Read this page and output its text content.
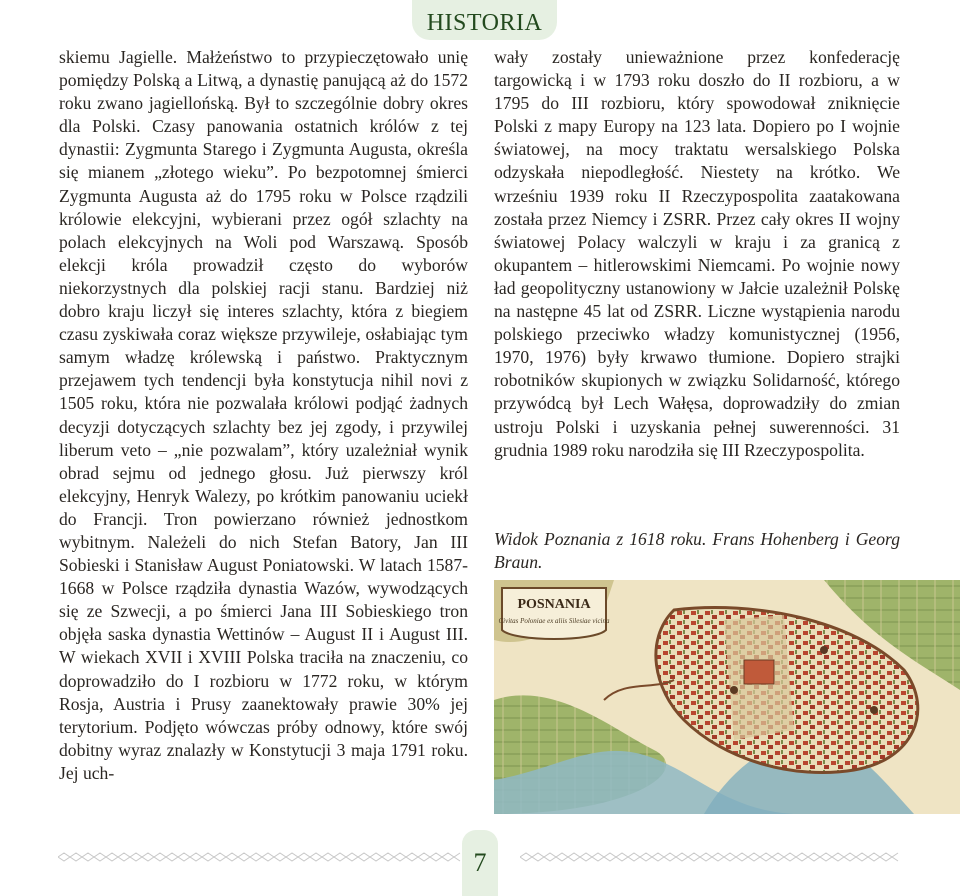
HISTORIA

skiemu Jagielle. Małżeństwo to przypieczętowało unię pomiędzy Polską a Litwą, a dynastię panującą aż do 1572 roku zwano jagiellońską. Był to szczególnie dobry okres dla Polski. Czasy panowania ostatnich królów z tej dynastii: Zygmunta Starego i Zygmunta Augusta, określa się mianem „złotego wieku”. Po bezpotomnej śmierci Zygmunta Augusta aż do 1795 roku w Polsce rządzili królowie elekcyjni, wybierani przez ogół szlachty na polach elekcyjnych na Woli pod Warszawą. Sposób elekcji króla prowadził często do wyborów niekorzystnych dla polskiej racji stanu. Bardziej niż dobro kraju liczył się interes szlachty, która z biegiem czasu zyskiwała coraz większe przywileje, osłabiając tym samym władzę królewską i państwo. Praktycznym przejawem tych tendencji była konstytucja nihil novi z 1505 roku, która nie pozwalała królowi podjąć żadnych decyzji dotyczących szlachty bez jej zgody, i przywilej liberum veto – „nie pozwalam”, który uzależniał wynik obrad sejmu od jednego głosu. Już pierwszy król elekcyjny, Henryk Walezy, po krótkim panowaniu uciekł do Francji. Tron powierzano również jednostkom wybitnym. Należeli do nich Stefan Batory, Jan III Sobieski i Stanisław August Poniatowski. W latach 1587-1668 w Polsce rządziła dynastia Wazów, wywodzących się ze Szwecji, a po śmierci Jana III Sobieskiego tron objęła saska dynastia Wettinów – August II i August III. W wiekach XVII i XVIII Polska traciła na znaczeniu, co doprowadziło do I rozbioru w 1772 roku, w którym Rosja, Austria i Prusy zaanektowały prawie 30% jej terytorium. Podjęto wówczas próby odnowy, które swój dobitny wyraz znalazły w Konstytucji 3 maja 1791 roku. Jej uch-

wały zostały unieważnione przez konfederację targowicką i w 1793 roku doszło do II rozbioru, a w 1795 do III rozbioru, który spowodował zniknięcie Polski z mapy Europy na 123 lata. Dopiero po I wojnie światowej, na mocy traktatu wersalskiego Polska odzyskała niepodległość. Niestety na krótko. We wrześniu 1939 roku II Rzeczypospolita zaatakowana została przez Niemcy i ZSRR. Przez cały okres II wojny światowej Polacy walczyli w kraju i za granicą z okupantem – hitlerowskimi Niemcami. Po wojnie nowy ład geopolityczny ustanowiony w Jałcie uzależnił Polskę na następne 45 lat od ZSRR. Liczne wystąpienia narodu polskiego przeciwko władzy komunistycznej (1956, 1970, 1976) były krwawo tłumione. Dopiero strajki robotników skupionych w związku Solidarność, którego przywódcą był Lech Wałęsa, doprowadziły do zmian ustroju Polski i uzyskania pełnej suwerenności. 31 grudnia 1989 roku narodziła się III Rzeczypospolita.

Widok Poznania z 1618 roku. Frans Hohenberg i Georg Braun.
POSNANIA
Civitas Poloniae ex aliis Silesiae vicina
7
